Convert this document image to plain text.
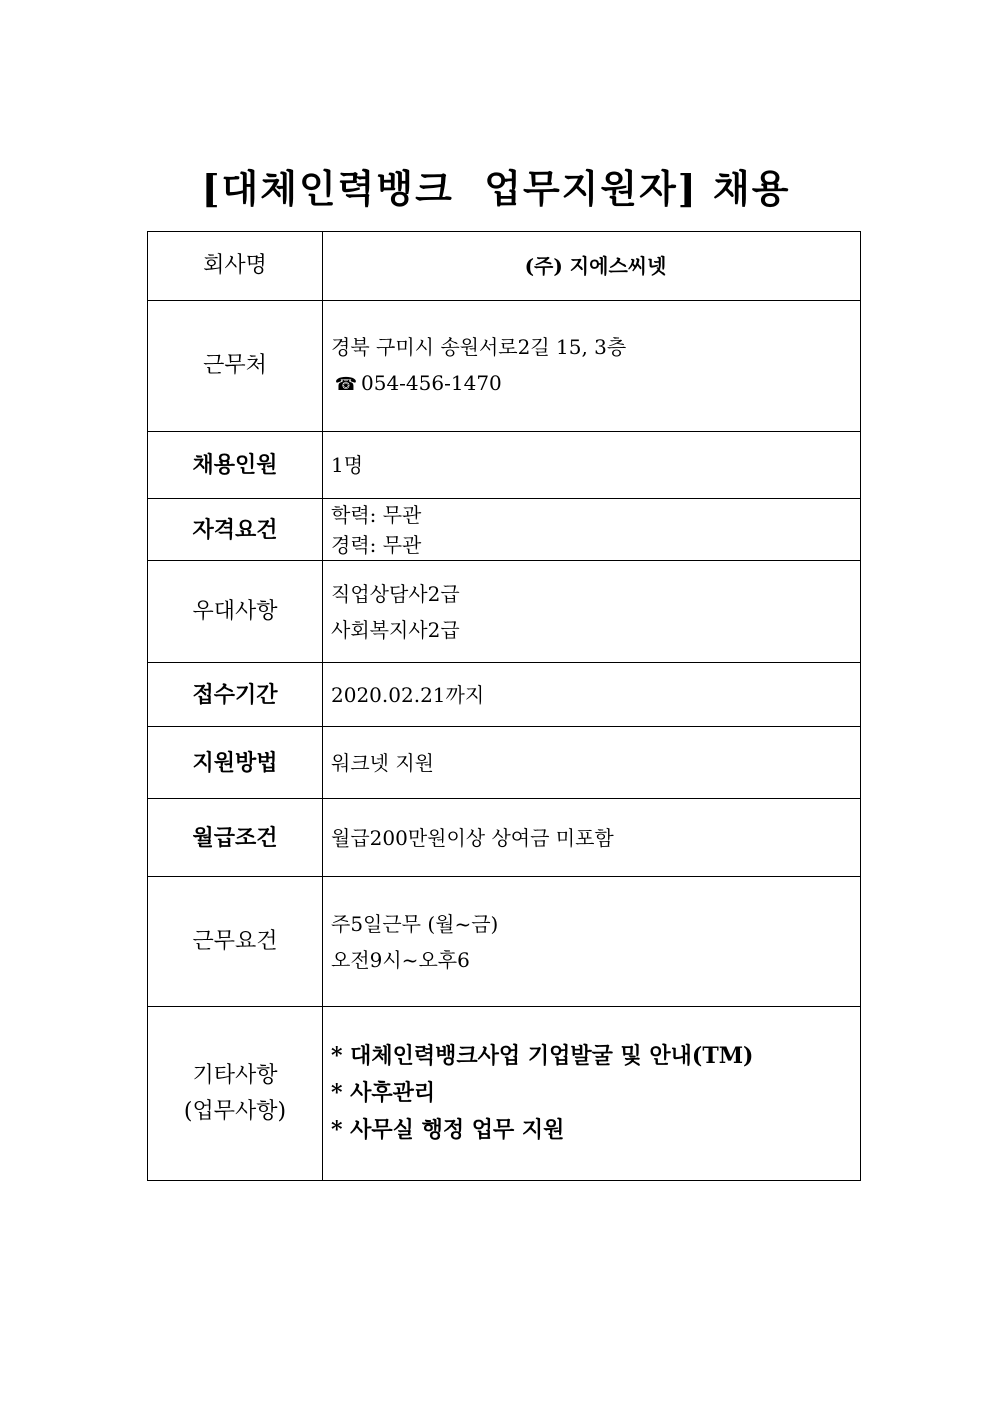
[대체인력뱅크  업무지원자] 채용
회사명	(주) 지에스씨넷
근무처	경북 구미시 송원서로2길 15, 3층
☎ 054-456-1470

채용인원	1명
자격요건	학력: 무관
경력: 무관

우대사항	직업상담사2급
사회복지사2급

접수기간	2020.02.21까지
지원방법	워크넷 지원
월급조건	월급200만원이상 상여금 미포함
근무요건	주5일근무 (월~금)
오전9시~오후6

기타사항
(업무사항)	* 대체인력뱅크사업 기업발굴 및 안내(TM)
* 사후관리
* 사무실 행정 업무 지원
